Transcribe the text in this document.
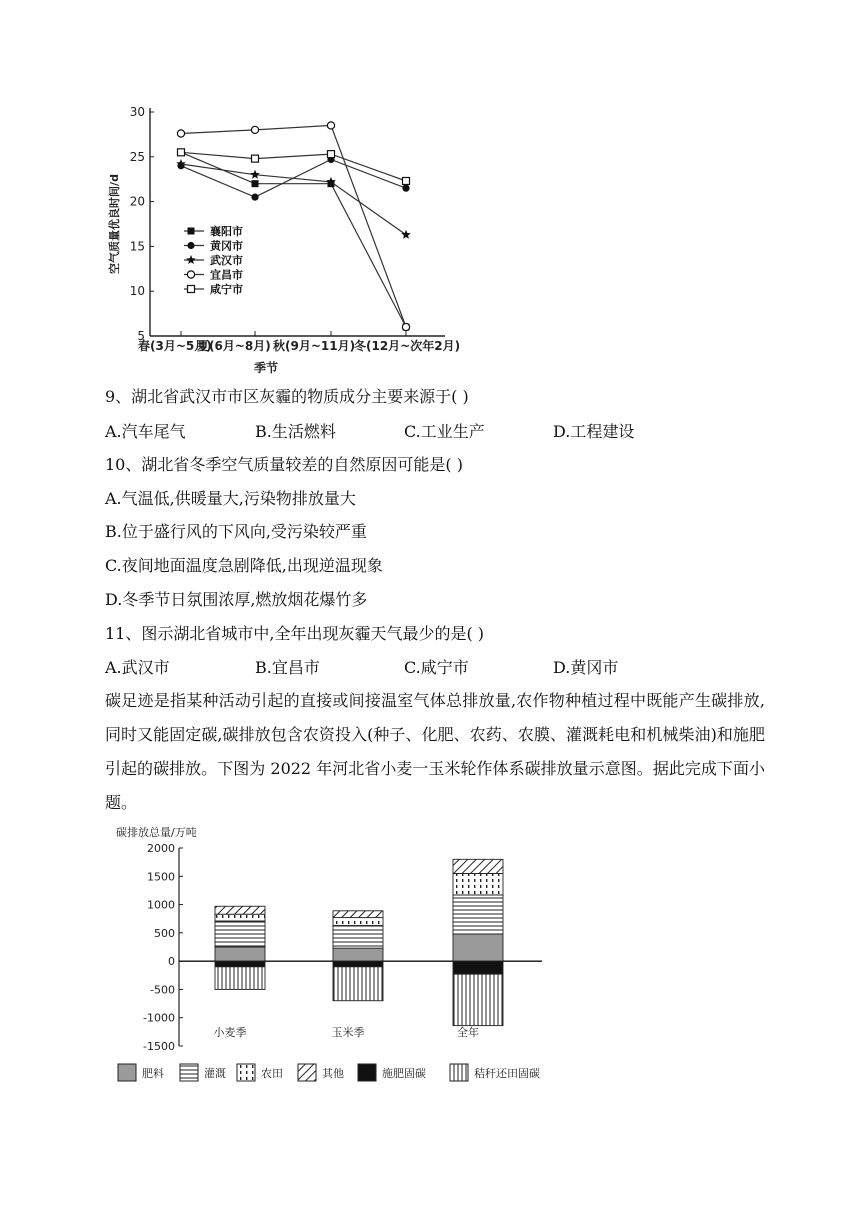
5
10
15
20
25
30
春(3月~5月)
夏(6月~8月) 秋(9月~11月)
冬(12月~次年2月)
季节
空气质量优良时间/d	襄阳市
黄冈市
武汉市
宜昌市
咸宁市
9、湖北省武汉市市区灰霾的物质成分主要来源于( )
A.汽车尾气	B.生活燃料	C.工业生产	D.工程建设
10、湖北省冬季空气质量较差的自然原因可能是( )
A.气温低,供暖量大,污染物排放量大
B.位于盛行风的下风向,受污染较严重
C.夜间地面温度急剧降低,出现逆温现象
D.冬季节日氛围浓厚,燃放烟花爆竹多
11、图示湖北省城市中,全年出现灰霾天气最少的是( )
A.武汉市	B.宜昌市	C.咸宁市	D.黄冈市
碳足迹是指某种活动引起的直接或间接温室气体总排放量,农作物种植过程中既能产生碳排放,同时又能固定碳,碳排放包含农资投入(种子、化肥、农药、农膜、灌溉耗电和机械柴油)和施肥引起的碳排放。下图为 2022 年河北省小麦一玉米轮作体系碳排放量示意图。据此完成下面小题。
碳排放总量/万吨
-1500
-1000
-500
0
500
1000
1500
2000
小麦季	玉米季	全年
肥料	灌溉	农田	其他	施肥固碳	秸秆还田固碳
